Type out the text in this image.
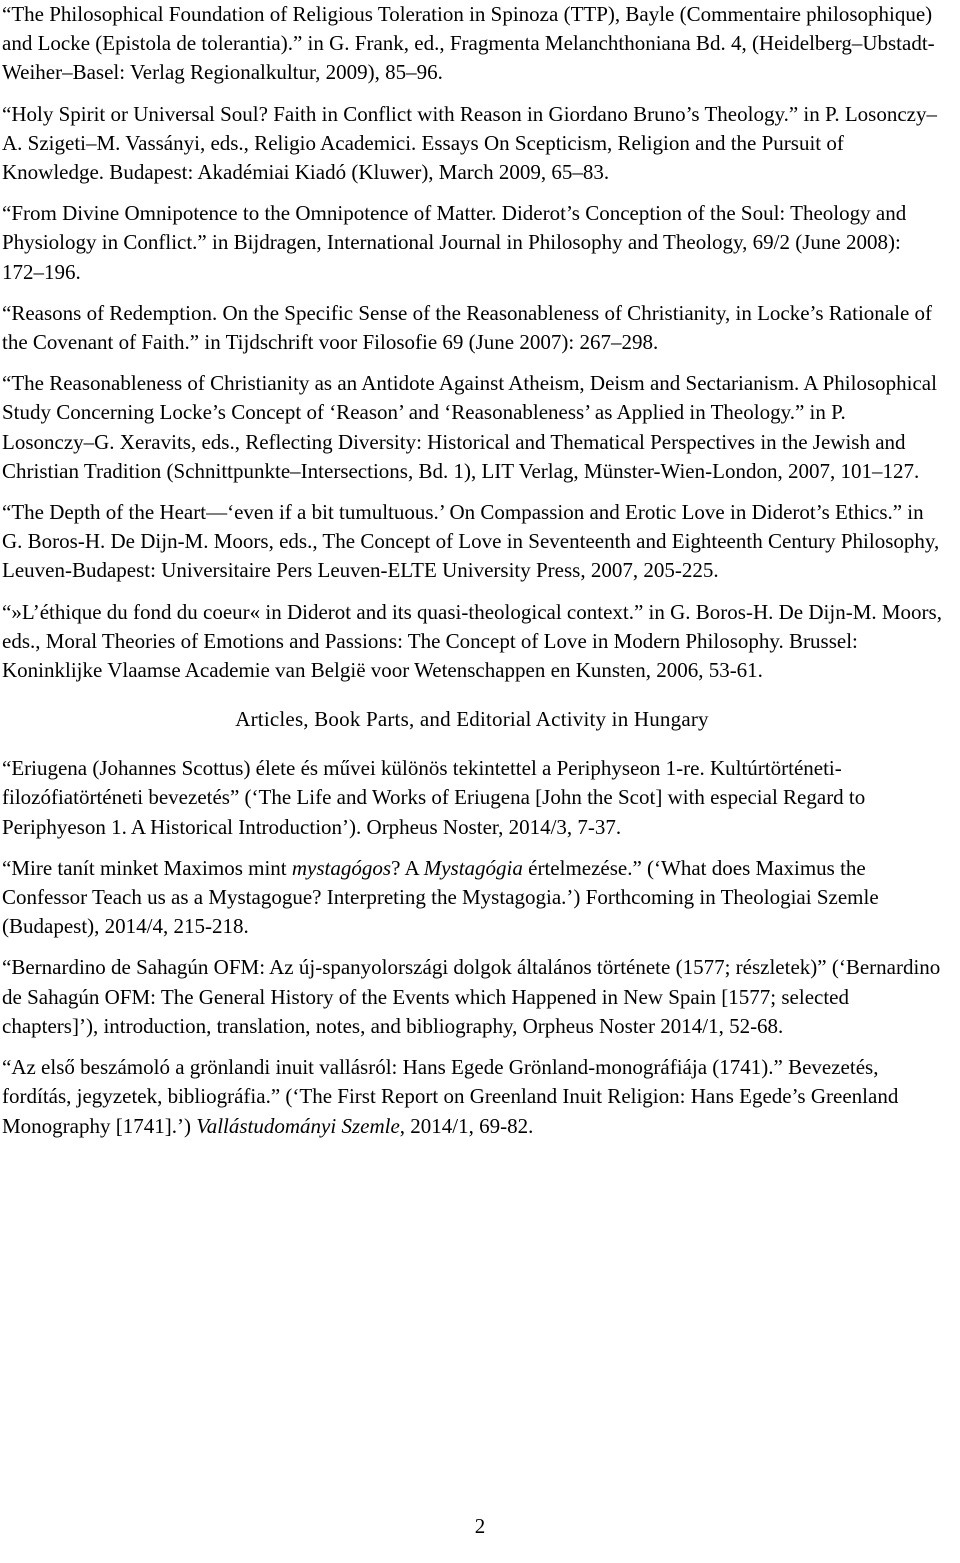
“The Philosophical Foundation of Religious Toleration in Spinoza (TTP), Bayle (Commentaire philosophique) and Locke (Epistola de tolerantia).” in G. Frank, ed., Fragmenta Melanchthoniana Bd. 4, (Heidelberg–Ubstadt-Weiher–Basel: Verlag Regionalkultur, 2009), 85–96.
“Holy Spirit or Universal Soul? Faith in Conflict with Reason in Giordano Bruno’s Theology.” in P. Losonczy–A. Szigeti–M. Vassányi, eds., Religio Academici. Essays On Scepticism, Religion and the Pursuit of Knowledge. Budapest: Akadémiai Kiadó (Kluwer), March 2009, 65–83.
“From Divine Omnipotence to the Omnipotence of Matter. Diderot’s Conception of the Soul: Theology and Physiology in Conflict.” in Bijdragen, International Journal in Philosophy and Theology, 69/2 (June 2008): 172–196.
“Reasons of Redemption. On the Specific Sense of the Reasonableness of Christianity, in Locke’s Rationale of the Covenant of Faith.” in Tijdschrift voor Filosofie 69 (June 2007): 267–298.
“The Reasonableness of Christianity as an Antidote Against Atheism, Deism and Sectarianism. A Philosophical Study Concerning Locke’s Concept of ‘Reason’ and ‘Reasonableness’ as Applied in Theology.” in P. Losonczy–G. Xeravits, eds., Reflecting Diversity: Historical and Thematical Perspectives in the Jewish and Christian Tradition (Schnittpunkte–Intersections, Bd. 1), LIT Verlag, Münster-Wien-London, 2007, 101–127.
“The Depth of the Heart—‘even if a bit tumultuous.’ On Compassion and Erotic Love in Diderot’s Ethics.” in G. Boros-H. De Dijn-M. Moors, eds., The Concept of Love in Seventeenth and Eighteenth Century Philosophy, Leuven-Budapest: Universitaire Pers Leuven-ELTE University Press, 2007, 205-225.
“»L’éthique du fond du coeur« in Diderot and its quasi-theological context.” in G. Boros-H. De Dijn-M. Moors, eds., Moral Theories of Emotions and Passions: The Concept of Love in Modern Philosophy. Brussel: Koninklijke Vlaamse Academie van België voor Wetenschappen en Kunsten, 2006, 53-61.
Articles, Book Parts, and Editorial Activity in Hungary
“Eriugena (Johannes Scottus) élete és művei különös tekintettel a Periphyseon 1-re. Kultúrtörténeti-filozófiatörténeti bevezetés” (‘The Life and Works of Eriugena [John the Scot] with especial Regard to Periphyeson 1. A Historical Introduction’). Orpheus Noster, 2014/3, 7-37.
“Mire tanít minket Maximos mint mystagógos? A Mystagógia értelmezése.” (‘What does Maximus the Confessor Teach us as a Mystagogue? Interpreting the Mystagogia.’) Forthcoming in Theologiai Szemle (Budapest), 2014/4, 215-218.
“Bernardino de Sahagún OFM: Az új-spanyolországi dolgok általános története (1577; részletek)” (‘Bernardino de Sahagún OFM: The General History of the Events which Happened in New Spain [1577; selected chapters]’), introduction, translation, notes, and bibliography, Orpheus Noster 2014/1, 52-68.
“Az első beszámoló a grönlandi inuit vallásról: Hans Egede Grönland-monográfiája (1741).” Bevezetés, fordítás, jegyzetek, bibliográfia.” (‘The First Report on Greenland Inuit Religion: Hans Egede’s Greenland Monography [1741].’) Vallástudományi Szemle, 2014/1, 69-82.
2
